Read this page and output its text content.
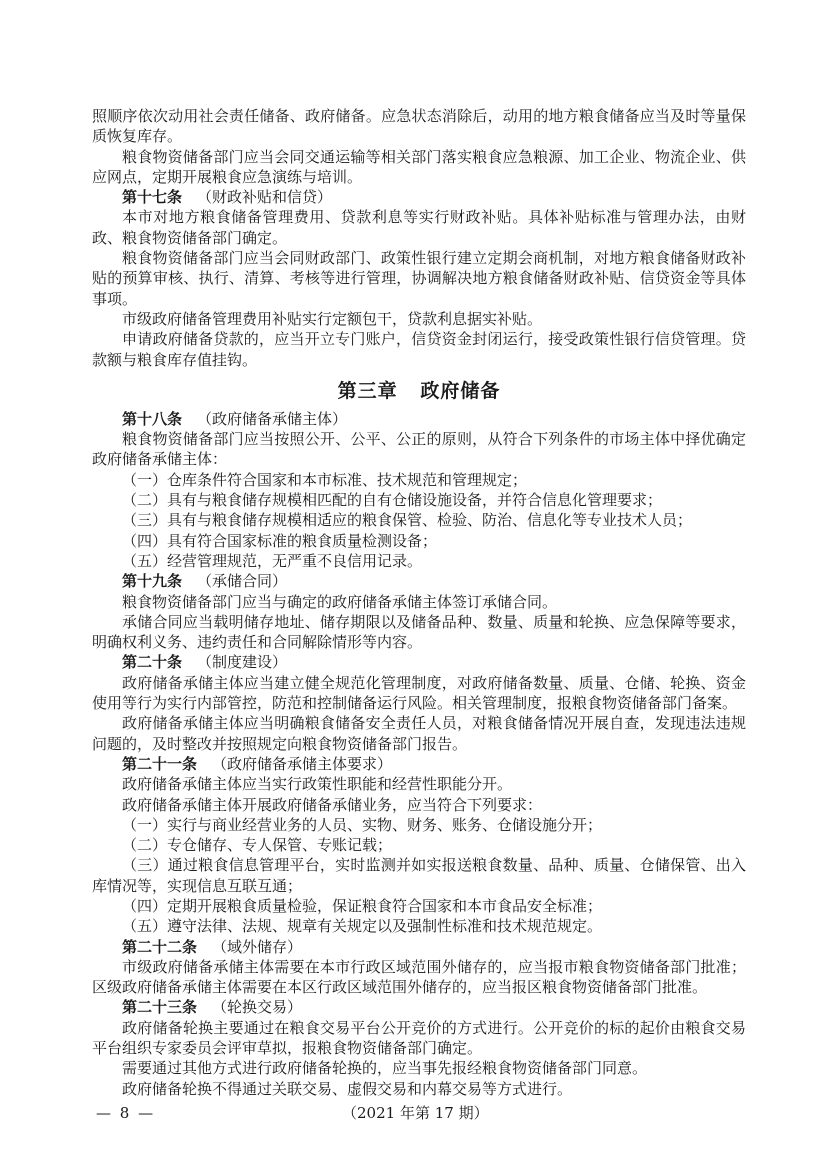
照顺序依次动用社会责任储备、政府储备。应急状态消除后，动用的地方粮食储备应当及时等量保质恢复库存。

粮食物资储备部门应当会同交通运输等相关部门落实粮食应急粮源、加工企业、物流企业、供应网点，定期开展粮食应急演练与培训。

第十七条 （财政补贴和信贷）

本市对地方粮食储备管理费用、贷款利息等实行财政补贴。具体补贴标准与管理办法，由财政、粮食物资储备部门确定。

粮食物资储备部门应当会同财政部门、政策性银行建立定期会商机制，对地方粮食储备财政补贴的预算审核、执行、清算、考核等进行管理，协调解决地方粮食储备财政补贴、信贷资金等具体事项。

市级政府储备管理费用补贴实行定额包干，贷款利息据实补贴。

申请政府储备贷款的，应当开立专门账户，信贷资金封闭运行，接受政策性银行信贷管理。贷款额与粮食库存值挂钩。

第三章 政府储备

第十八条 （政府储备承储主体）

粮食物资储备部门应当按照公开、公平、公正的原则，从符合下列条件的市场主体中择优确定政府储备承储主体：

（一）仓库条件符合国家和本市标准、技术规范和管理规定；

（二）具有与粮食储存规模相匹配的自有仓储设施设备，并符合信息化管理要求；

（三）具有与粮食储存规模相适应的粮食保管、检验、防治、信息化等专业技术人员；

（四）具有符合国家标准的粮食质量检测设备；

（五）经营管理规范，无严重不良信用记录。

第十九条 （承储合同）

粮食物资储备部门应当与确定的政府储备承储主体签订承储合同。

承储合同应当载明储存地址、储存期限以及储备品种、数量、质量和轮换、应急保障等要求，明确权利义务、违约责任和合同解除情形等内容。

第二十条 （制度建设）

政府储备承储主体应当建立健全规范化管理制度，对政府储备数量、质量、仓储、轮换、资金使用等行为实行内部管控，防范和控制储备运行风险。相关管理制度，报粮食物资储备部门备案。

政府储备承储主体应当明确粮食储备安全责任人员，对粮食储备情况开展自查，发现违法违规问题的，及时整改并按照规定向粮食物资储备部门报告。

第二十一条 （政府储备承储主体要求）

政府储备承储主体应当实行政策性职能和经营性职能分开。

政府储备承储主体开展政府储备承储业务，应当符合下列要求：

（一）实行与商业经营业务的人员、实物、财务、账务、仓储设施分开；

（二）专仓储存、专人保管、专账记载；

（三）通过粮食信息管理平台，实时监测并如实报送粮食数量、品种、质量、仓储保管、出入库情况等，实现信息互联互通；

（四）定期开展粮食质量检验，保证粮食符合国家和本市食品安全标准；

（五）遵守法律、法规、规章有关规定以及强制性标准和技术规范规定。

第二十二条 （域外储存）

市级政府储备承储主体需要在本市行政区域范围外储存的，应当报市粮食物资储备部门批准；区级政府储备承储主体需要在本区行政区域范围外储存的，应当报区粮食物资储备部门批准。

第二十三条 （轮换交易）

政府储备轮换主要通过在粮食交易平台公开竞价的方式进行。公开竞价的标的起价由粮食交易平台组织专家委员会评审草拟，报粮食物资储备部门确定。

需要通过其他方式进行政府储备轮换的，应当事先报经粮食物资储备部门同意。

政府储备轮换不得通过关联交易、虚假交易和内幕交易等方式进行。

— 8 —	（2021 年第 17 期）
